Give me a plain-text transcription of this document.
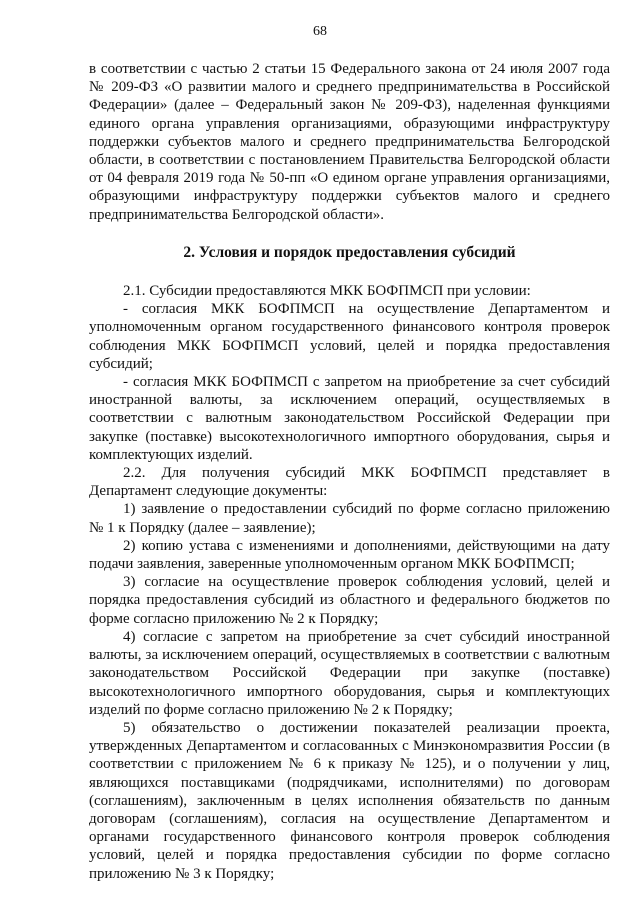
68

в соответствии с частью 2 статьи 15 Федерального закона от 24 июля 2007 года № 209-ФЗ «О развитии малого и среднего предпринимательства в Российской Федерации» (далее – Федеральный закон № 209-ФЗ), наделенная функциями единого органа управления организациями, образующими инфраструктуру поддержки субъектов малого и среднего предпринимательства Белгородской области, в соответствии с постановлением Правительства Белгородской области от 04 февраля 2019 года № 50-пп «О едином органе управления организациями, образующими инфраструктуру поддержки субъектов малого и среднего предпринимательства Белгородской области».

2. Условия и порядок предоставления субсидий

2.1. Субсидии предоставляются МКК БОФПМСП при условии:

- согласия МКК БОФПМСП на осуществление Департаментом и уполномоченным органом государственного финансового контроля проверок соблюдения МКК БОФПМСП условий, целей и порядка предоставления субсидий;

- согласия МКК БОФПМСП с запретом на приобретение за счет субсидий иностранной валюты, за исключением операций, осуществляемых в соответствии с валютным законодательством Российской Федерации при закупке (поставке) высокотехнологичного импортного оборудования, сырья и комплектующих изделий.

2.2. Для получения субсидий МКК БОФПМСП представляет в Департамент следующие документы:

1) заявление о предоставлении субсидий по форме согласно приложению № 1 к Порядку (далее – заявление);

2) копию устава с изменениями и дополнениями, действующими на дату подачи заявления, заверенные уполномоченным органом МКК БОФПМСП;

3) согласие на осуществление проверок соблюдения условий, целей и порядка предоставления субсидий из областного и федерального бюджетов по форме согласно приложению № 2 к Порядку;

4) согласие с запретом на приобретение за счет субсидий иностранной валюты, за исключением операций, осуществляемых в соответствии с валютным законодательством Российской Федерации при закупке (поставке) высокотехнологичного импортного оборудования, сырья и комплектующих изделий по форме согласно приложению № 2 к Порядку;

5) обязательство о достижении показателей реализации проекта, утвержденных Департаментом и согласованных с Минэкономразвития России (в соответствии с приложением № 6 к приказу № 125), и о получении у лиц, являющихся поставщиками (подрядчиками, исполнителями) по договорам (соглашениям), заключенным в целях исполнения обязательств по данным договорам (соглашениям), согласия на осуществление Департаментом и органами государственного финансового контроля проверок соблюдения условий, целей и порядка предоставления субсидии по форме согласно приложению № 3 к Порядку;
